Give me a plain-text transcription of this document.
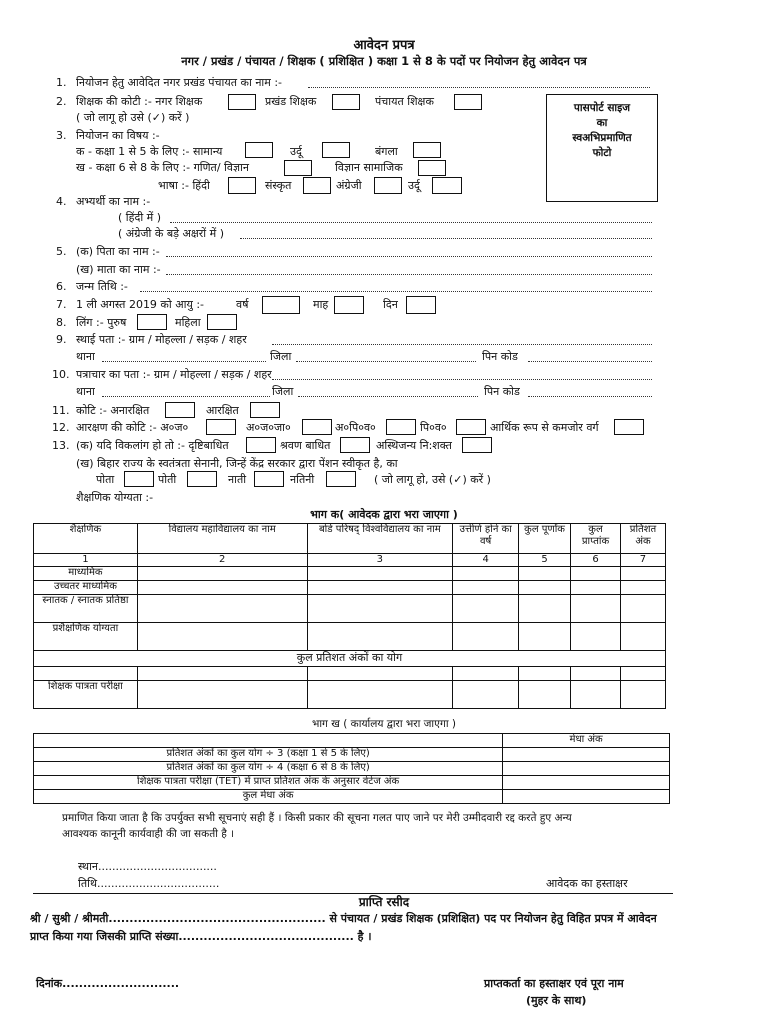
आवेदन प्रपत्र
नगर / प्रखंड / पंचायत / शिक्षक ( प्रशिक्षित ) कक्षा 1 से 8 के पदों पर नियोजन हेतु आवेदन पत्र
पासपोर्ट साइज
का
स्वअभिप्रमाणित
फोटो
1. नियोजन हेतु आवेदित नगर प्रखंड पंचायत का नाम :-
2. शिक्षक की कोटी :- नगर शिक्षक	प्रखंड शिक्षक	पंचायत शिक्षक
( जो लागू हो उसे (✓) करें )
3. नियोजन का विषय :-
क - कक्षा 1 से 5 के लिए :- सामान्य	उर्दू	बंगला
ख - कक्षा 6 से 8 के लिए :- गणित/ विज्ञान	विज्ञान सामाजिक
भाषा :- हिंदी	संस्कृत	अंग्रेजी	उर्दू
4. अभ्यर्थी का नाम :-
( हिंदी में )
( अंग्रेजी के बड़े अक्षरों में )
5. (क) पिता का नाम :-
(ख) माता का नाम :-
6. जन्म तिथि :-
7. 1 ली अगस्त 2019 को आयु :-	वर्ष	माह	दिन
8. लिंग :- पुरुष	महिला
9. स्थाई पता :- ग्राम / मोहल्ला / सड़क / शहर
थाना	जिला	पिन कोड
10. पत्राचार का पता :- ग्राम / मोहल्ला / सड़क / शहर
थाना	जिला	पिन कोड
11. कोटि :- अनारक्षित	आरक्षित
12. आरक्षण की कोटि :- अ०ज०	अ०ज०जा०	अ०पि०व०	पि०व०	आर्थिक रूप से कमजोर वर्ग
13. (क) यदि विकलांग हो तो :- दृष्टिबाधित	श्रवण बाधित	अस्थिजन्य नि:शक्त
(ख) बिहार राज्य के स्वतंत्रता सेनानी, जिन्हें केंद्र सरकार द्वारा पेंशन स्वीकृत है, का
पोता	पोती	नाती	नतिनी	( जो लागू हो, उसे (✓) करें )
शैक्षणिक योग्यता :-
भाग क( आवेदक द्वारा भरा जाएगा )
शैक्षणिक	विद्यालय महाविद्यालय का नाम	बोर्ड परिषद् विश्वविद्यालय का नाम	उत्तीर्ण होने का वर्ष	कुल पूर्णांक	कुल प्राप्तांक	प्रतिशत अंक
1	2	3	4	5	6	7
माध्यमिक						
उच्चतर माध्यमिक						
स्नातक / स्नातक प्रतिष्ठा						
प्रशैक्षणिक योग्यता						
कुल प्रतिशत अंकों का योग						

शिक्षक पात्रता परीक्षा						
भाग ख ( कार्यालय द्वारा भरा जाएगा )
	मेधा अंक
प्रतिशत अंकों का कुल योग ÷ 3 (कक्षा 1 से 5 के लिए)	
प्रतिशत अंकों का कुल योग ÷ 4 (कक्षा 6 से 8 के लिए)	
शिक्षक पात्रता परीक्षा (TET) में प्राप्त प्रतिशत अंक के अनुसार वेटेज अंक	
कुल मेधा अंक	
प्रमाणित किया जाता है कि उपर्युक्त सभी सूचनाएं सही हैं । किसी प्रकार की सूचना गलत पाए जाने पर मेरी उम्मीदवारी रद्द करते हुए अन्य
आवश्यक कानूनी कार्यवाही की जा सकती है ।
स्थान..................................
तिथि...................................	आवेदक का हस्ताक्षर
प्राप्ति रसीद
श्री / सुश्री / श्रीमती.................................................... से पंचायत / प्रखंड शिक्षक (प्रशिक्षित) पद पर नियोजन हेतु विहित प्रपत्र में आवेदन
प्राप्त किया गया जिसकी प्राप्ति संख्या.......................................... है ।
दिनांक............................	प्राप्तकर्ता का हस्ताक्षर एवं पूरा नाम
(मुहर के साथ)
